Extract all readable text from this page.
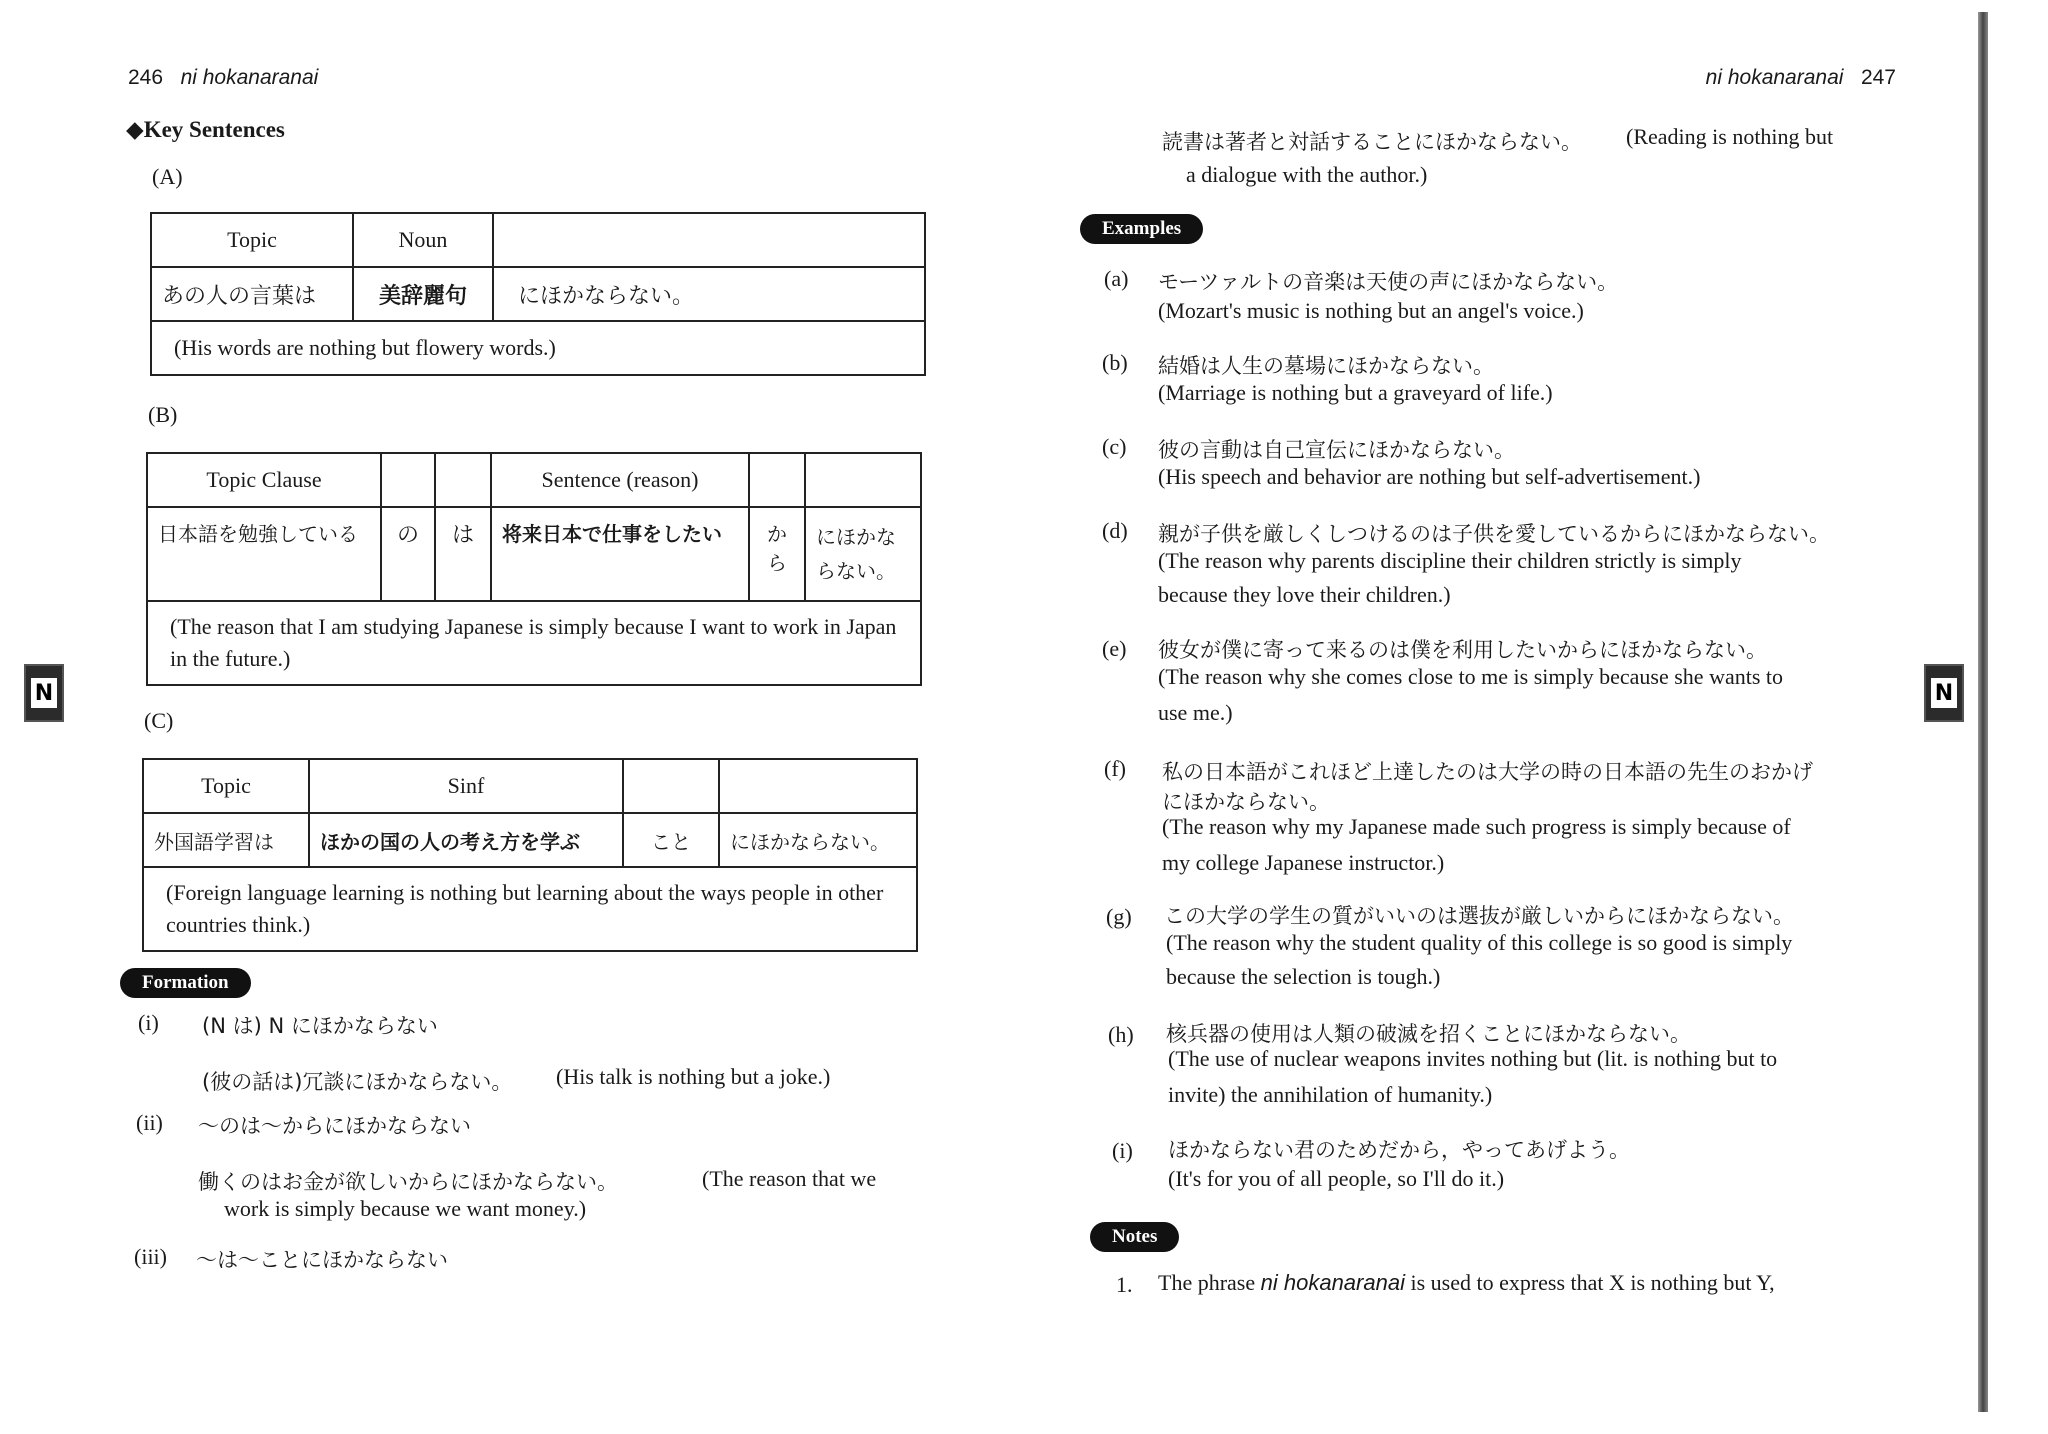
246 ni hokanaranai
◆Key Sentences
(A)
Topic	Noun	
あの人の言葉は	美辞麗句	にほかならない。
(His words are nothing but flowery words.)		
(B)
Topic Clause			Sentence (reason)		
日本語を勉強している	の	は	将来日本で仕事をしたい	から	にほかならない。
(The reason that I am studying Japanese is simply because I want to work in Japan in the future.)					
(C)
Topic	Sinf		
外国語学習は	ほかの国の人の考え方を学ぶ	こと	にほかならない。
(Foreign language learning is nothing but learning about the ways people in other countries think.)			
Formation
(i) (N は) N にほかならない
(彼の話は)冗談にほかならない。 (His talk is nothing but a joke.)
(ii) ～のは～からにほかならない
働くのはお金が欲しいからにほかならない。	(The reason that we
work is simply because we want money.)
(iii) ～は～ことにほかならない
N
ni hokanaranai 247
読書は著者と対話することにほかならない。 (Reading is nothing but
a dialogue with the author.)
Examples
(a) モーツァルトの音楽は天使の声にほかならない。
(Mozart's music is nothing but an angel's voice.)
(b) 結婚は人生の墓場にほかならない。
(Marriage is nothing but a graveyard of life.)
(c) 彼の言動は自己宣伝にほかならない。
(His speech and behavior are nothing but self-advertisement.)
(d) 親が子供を厳しくしつけるのは子供を愛しているからにほかならない。
(The reason why parents discipline their children strictly is simply
because they love their children.)
(e) 彼女が僕に寄って来るのは僕を利用したいからにほかならない。
(The reason why she comes close to me is simply because she wants to
use me.)
(f) 私の日本語がこれほど上達したのは大学の時の日本語の先生のおかげ
にほかならない。
(The reason why my Japanese made such progress is simply because of
my college Japanese instructor.)
(g) この大学の学生の質がいいのは選抜が厳しいからにほかならない。
(The reason why the student quality of this college is so good is simply
because the selection is tough.)
(h) 核兵器の使用は人類の破滅を招くことにほかならない。
(The use of nuclear weapons invites nothing but (lit. is nothing but to
invite) the annihilation of humanity.)
(i) ほかならない君のためだから，やってあげよう。
(It's for you of all people, so I'll do it.)
Notes
1. The phrase ni hokanaranai is used to express that X is nothing but Y,
N
